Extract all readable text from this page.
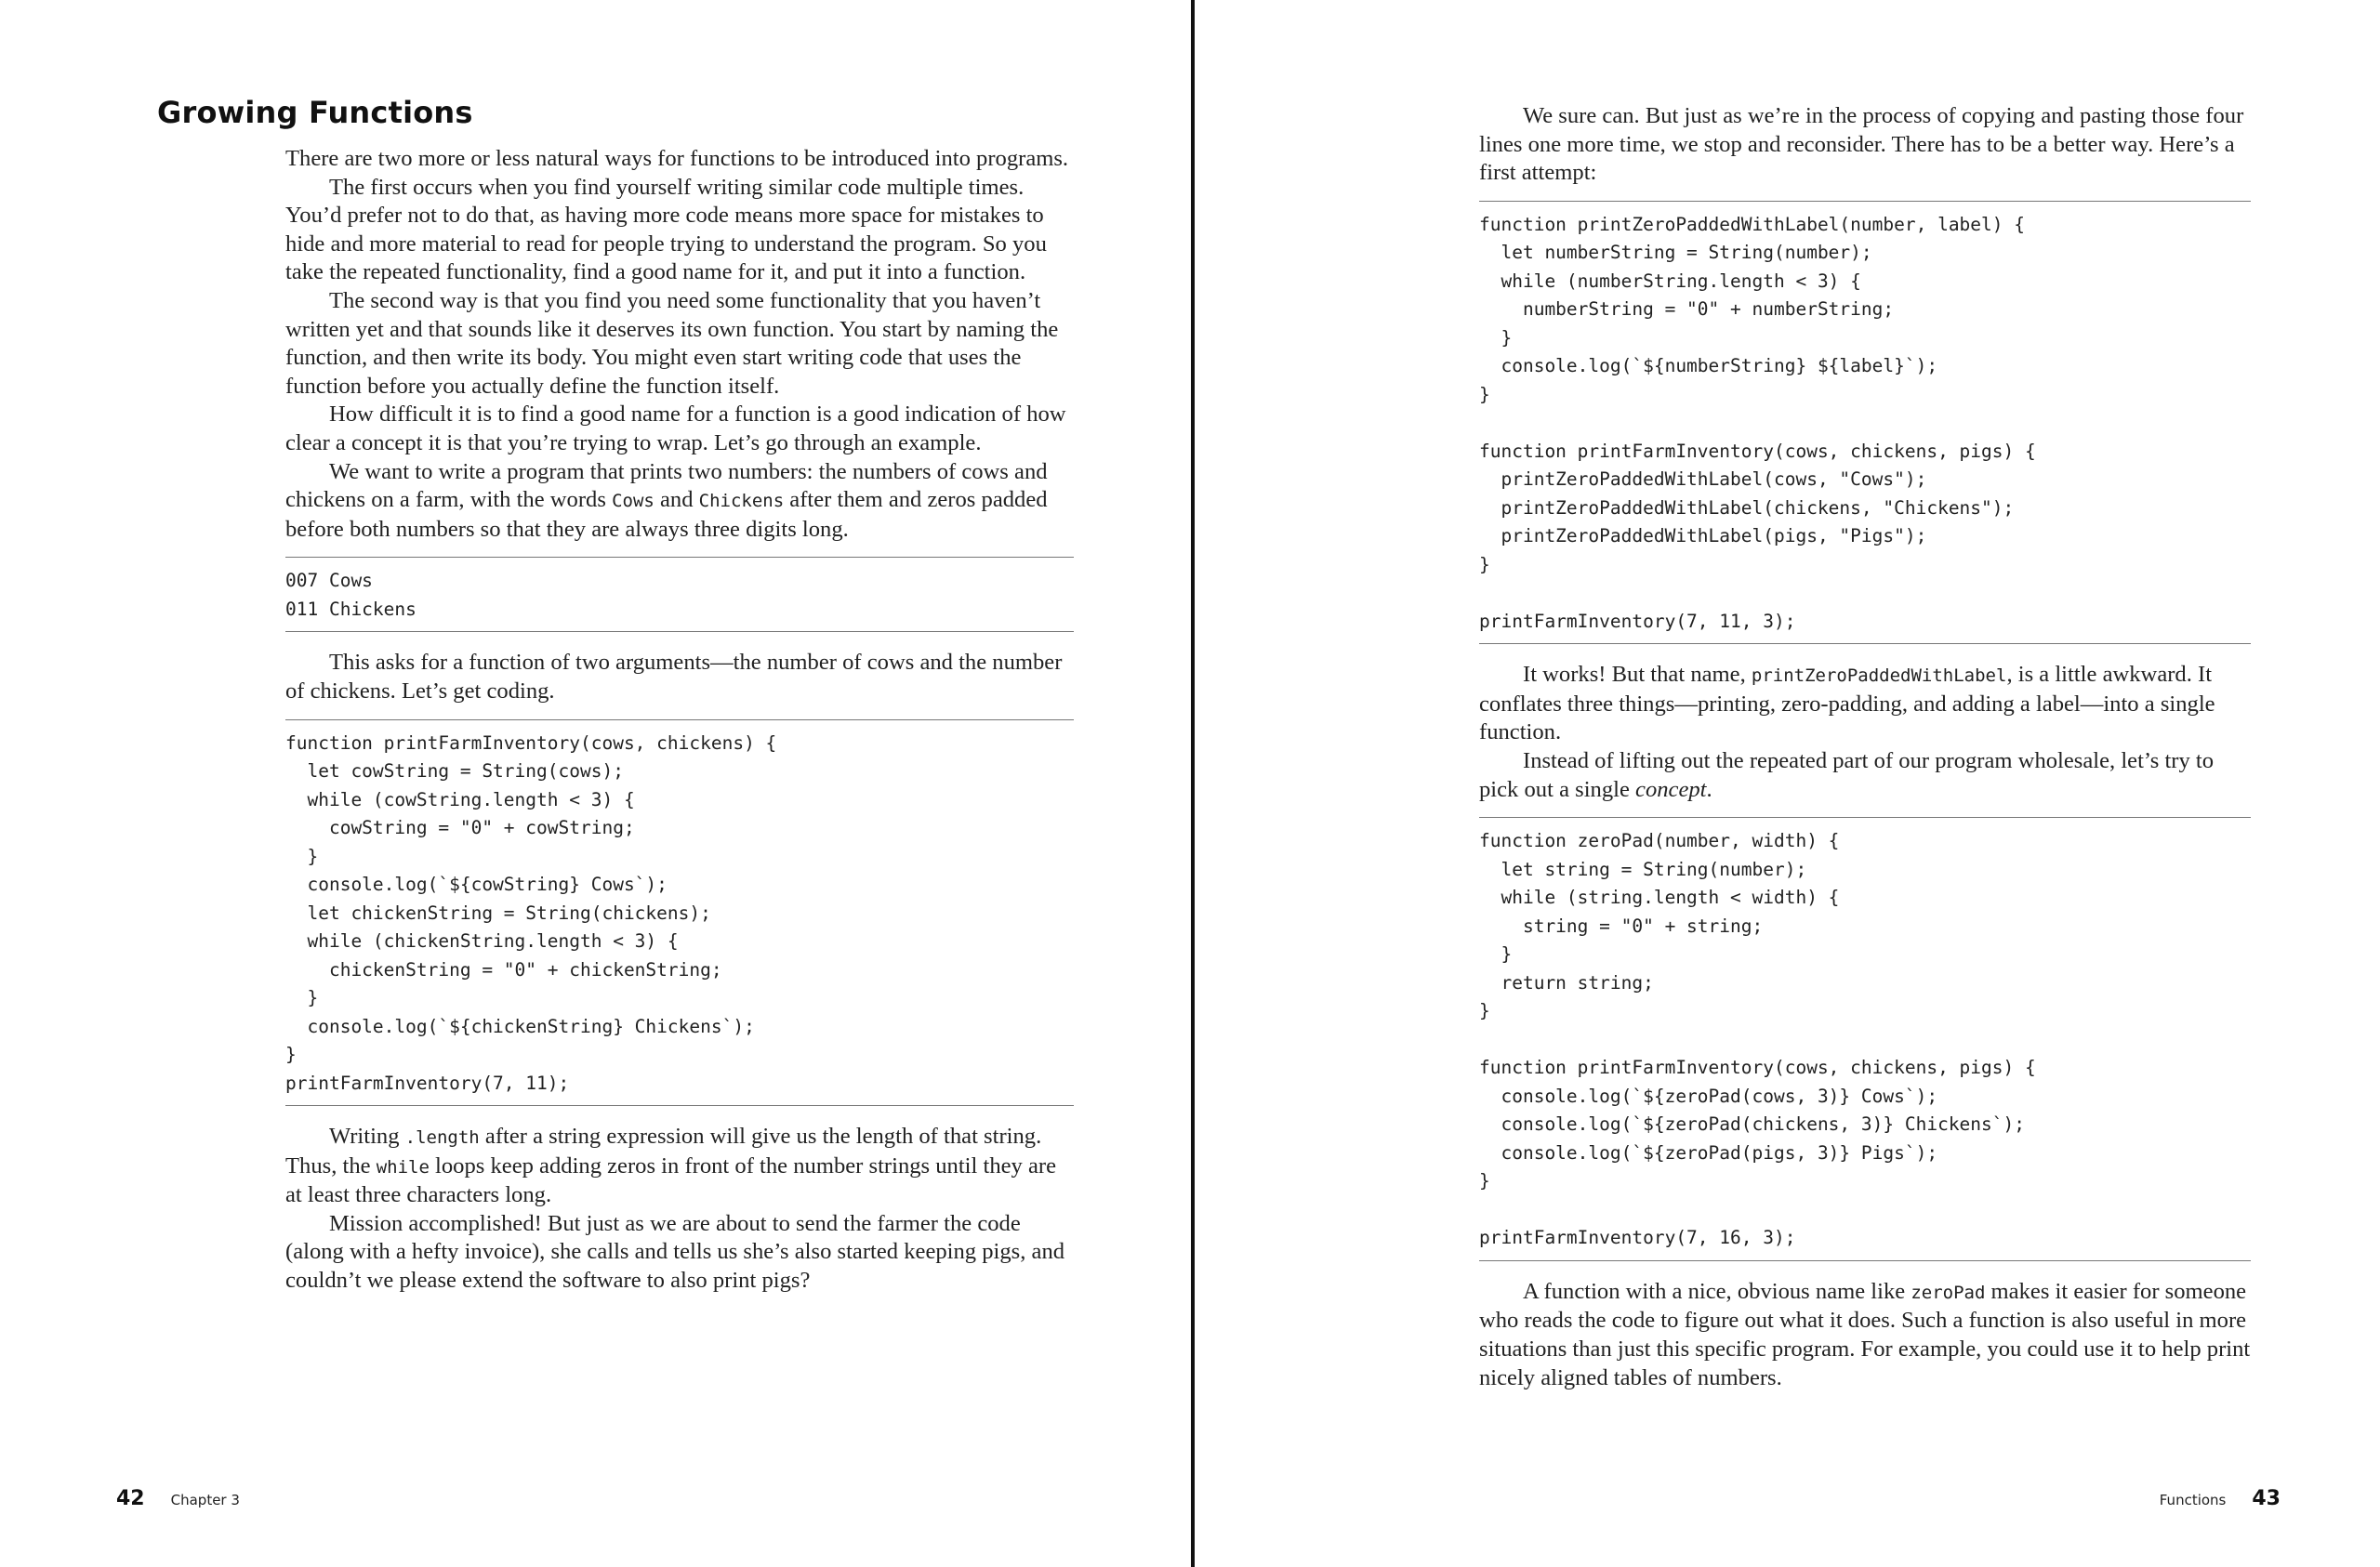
Growing Functions

There are two more or less natural ways for functions to be introduced into programs.

The first occurs when you find yourself writing similar code multiple times. You’d prefer not to do that, as having more code means more space for mistakes to hide and more material to read for people trying to understand the program. So you take the repeated functionality, find a good name for it, and put it into a function.

The second way is that you find you need some functionality that you haven’t written yet and that sounds like it deserves its own function. You start by naming the function, and then write its body. You might even start writing code that uses the function before you actually define the function itself.

How difficult it is to find a good name for a function is a good indication of how clear a concept it is that you’re trying to wrap. Let’s go through an example.

We want to write a program that prints two numbers: the numbers of cows and chickens on a farm, with the words Cows and Chickens after them and zeros padded before both numbers so that they are always three digits long.

007 Cows
011 Chickens

This asks for a function of two arguments—the number of cows and the number of chickens. Let’s get coding.

function printFarmInventory(cows, chickens) {
let cowString = String(cows);
while (cowString.length < 3) {
cowString = "0" + cowString;
}
console.log(`${cowString} Cows`);
let chickenString = String(chickens);
while (chickenString.length < 3) {
chickenString = "0" + chickenString;
}
console.log(`${chickenString} Chickens`);
}
printFarmInventory(7, 11);

Writing .length after a string expression will give us the length of that string. Thus, the while loops keep adding zeros in front of the number strings until they are at least three characters long.

Mission accomplished! But just as we are about to send the farmer the code (along with a hefty invoice), she calls and tells us she’s also started keeping pigs, and couldn’t we please extend the software to also print pigs?

42 Chapter 3

We sure can. But just as we’re in the process of copying and pasting those four lines one more time, we stop and reconsider. There has to be a better way. Here’s a first attempt:

function printZeroPaddedWithLabel(number, label) {
let numberString = String(number);
while (numberString.length < 3) {
numberString = "0" + numberString;
}
console.log(`${numberString} ${label}`);
}
function printFarmInventory(cows, chickens, pigs) {
printZeroPaddedWithLabel(cows, "Cows");
printZeroPaddedWithLabel(chickens, "Chickens");
printZeroPaddedWithLabel(pigs, "Pigs");
}
printFarmInventory(7, 11, 3);

It works! But that name, printZeroPaddedWithLabel, is a little awkward. It conflates three things—printing, zero-padding, and adding a label—into a single function.

Instead of lifting out the repeated part of our program wholesale, let’s try to pick out a single concept.

function zeroPad(number, width) {
let string = String(number);
while (string.length < width) {
string = "0" + string;
}
return string;
}
function printFarmInventory(cows, chickens, pigs) {
console.log(`${zeroPad(cows, 3)} Cows`);
console.log(`${zeroPad(chickens, 3)} Chickens`);
console.log(`${zeroPad(pigs, 3)} Pigs`);
}
printFarmInventory(7, 16, 3);

A function with a nice, obvious name like zeroPad makes it easier for someone who reads the code to figure out what it does. Such a function is also useful in more situations than just this specific program. For example, you could use it to help print nicely aligned tables of numbers.

Functions 43
